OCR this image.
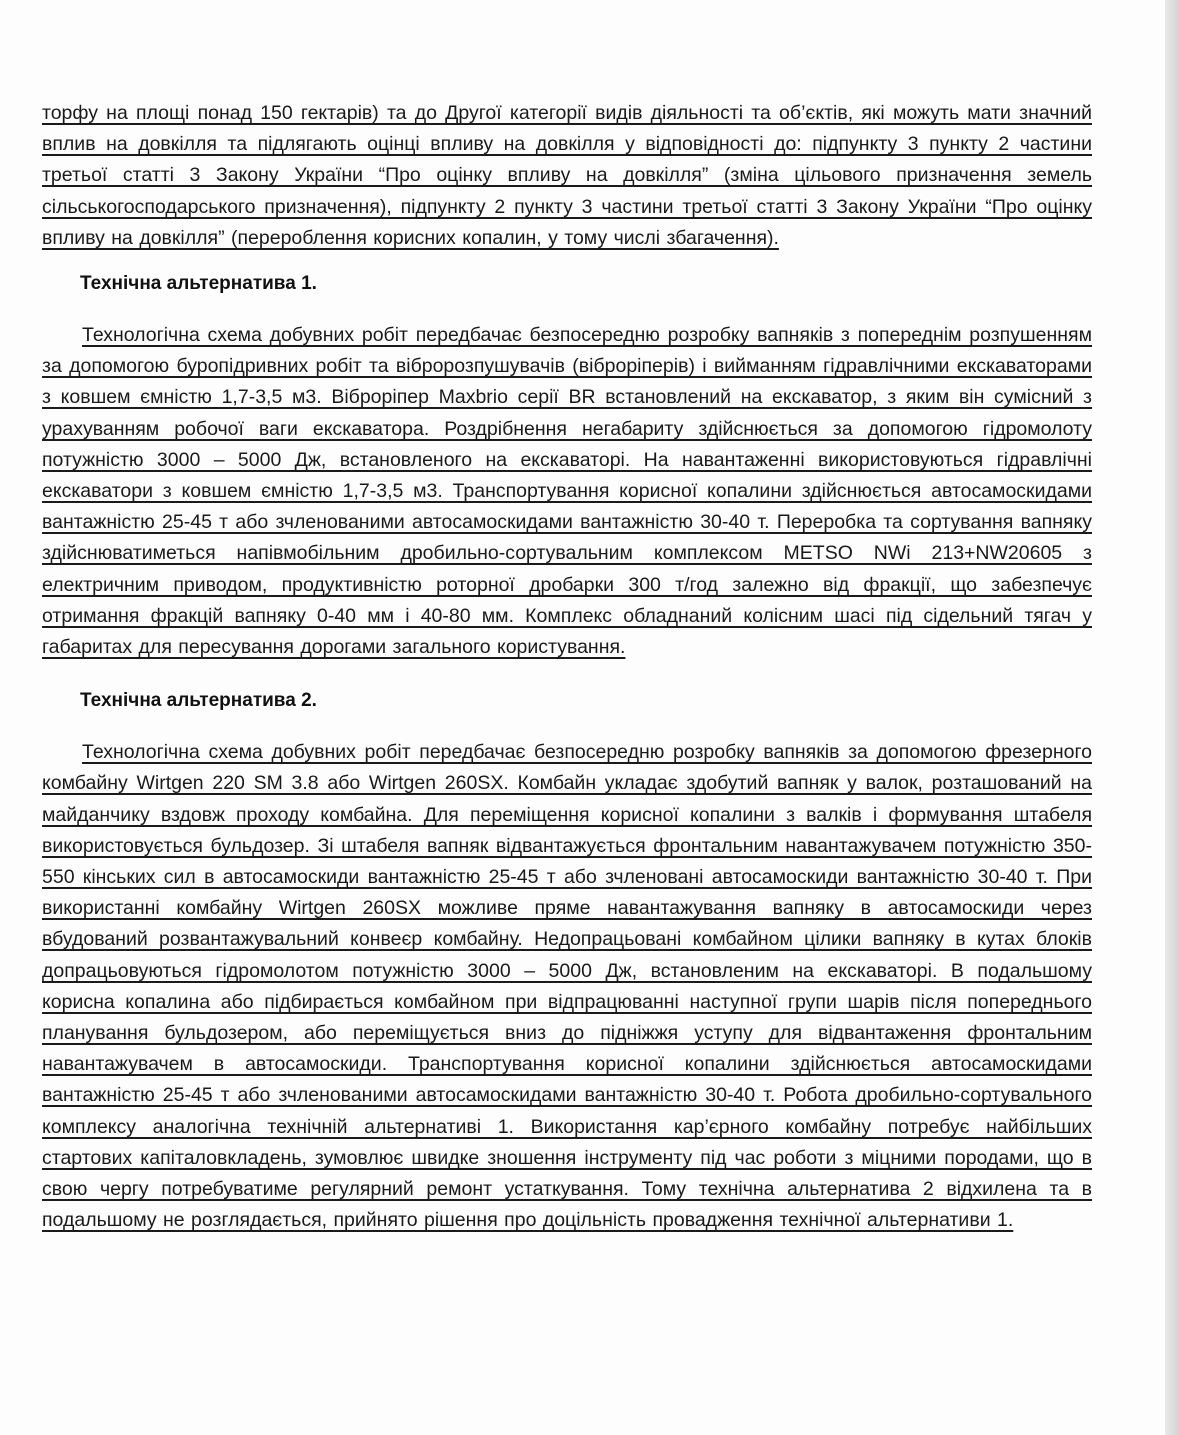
торфу на площі понад 150 гектарів) та до Другої категорії видів діяльності та об’єктів, які можуть мати значний вплив на довкілля та підлягають оцінці впливу на довкілля у відповідності до: підпункту 3 пункту 2 частини третьої статті 3 Закону України “Про оцінку впливу на довкілля” (зміна цільового призначення земель сільськогосподарського призначення), підпункту 2 пункту 3 частини третьої статті 3 Закону України “Про оцінку впливу на довкілля” (перероблення корисних копалин, у тому числі збагачення).

Технічна альтернатива 1.

Технологічна схема добувних робіт передбачає безпосередню розробку вапняків з попереднім розпушенням за допомогою буропідривних робіт та вібророзпушувачів (віброріперів) і вийманням гідравлічними екскаваторами з ковшем ємністю 1,7-3,5 м3. Віброріпер Maxbrio серії BR встановлений на екскаватор, з яким він сумісний з урахуванням робочої ваги екскаватора. Роздрібнення негабариту здійснюється за допомогою гідромолоту потужністю 3000 – 5000 Дж, встановленого на екскаваторі. На навантаженні використовуються гідравлічні екскаватори з ковшем ємністю 1,7-3,5 м3. Транспортування корисної копалини здійснюється автосамоскидами вантажністю 25-45 т або зчленованими автосамоскидами вантажністю 30-40 т. Переробка та сортування вапняку здійснюватиметься напівмобільним дробильно-сортувальним комплексом METSO NWi 213+NW20605 з електричним приводом, продуктивністю роторної дробарки 300 т/год залежно від фракції, що забезпечує отримання фракцій вапняку 0-40 мм і 40-80 мм. Комплекс обладнаний колісним шасі під сідельний тягач у габаритах для пересування дорогами загального користування.

Технічна альтернатива 2.

Технологічна схема добувних робіт передбачає безпосередню розробку вапняків за допомогою фрезерного комбайну Wirtgen 220 SM 3.8 або Wirtgen 260SX. Комбайн укладає здобутий вапняк у валок, розташований на майданчику вздовж проходу комбайна. Для переміщення корисної копалини з валків і формування штабеля використовується бульдозер. Зі штабеля вапняк відвантажується фронтальним навантажувачем потужністю 350-550 кінських сил в автосамоскиди вантажністю 25-45 т або зчленовані автосамоскиди вантажністю 30-40 т. При використанні комбайну Wirtgen 260SX можливе пряме навантажування вапняку в автосамоскиди через вбудований розвантажувальний конвеєр комбайну. Недопрацьовані комбайном цілики вапняку в кутах блоків допрацьовуються гідромолотом потужністю 3000 – 5000 Дж, встановленим на екскаваторі. В подальшому корисна копалина або підбирається комбайном при відпрацюванні наступної групи шарів після попереднього планування бульдозером, або переміщується вниз до підніжжя уступу для відвантаження фронтальним навантажувачем в автосамоскиди. Транспортування корисної копалини здійснюється автосамоскидами вантажністю 25-45 т або зчленованими автосамоскидами вантажністю 30-40 т. Робота дробильно-сортувального комплексу аналогічна технічній альтернативі 1. Використання кар’єрного комбайну потребує найбільших стартових капіталовкладень, зумовлює швидке зношення інструменту під час роботи з міцними породами, що в свою чергу потребуватиме регулярний ремонт устаткування. Тому технічна альтернатива 2 відхилена та в подальшому не розглядається, прийнято рішення про доцільність провадження технічної альтернативи 1.
